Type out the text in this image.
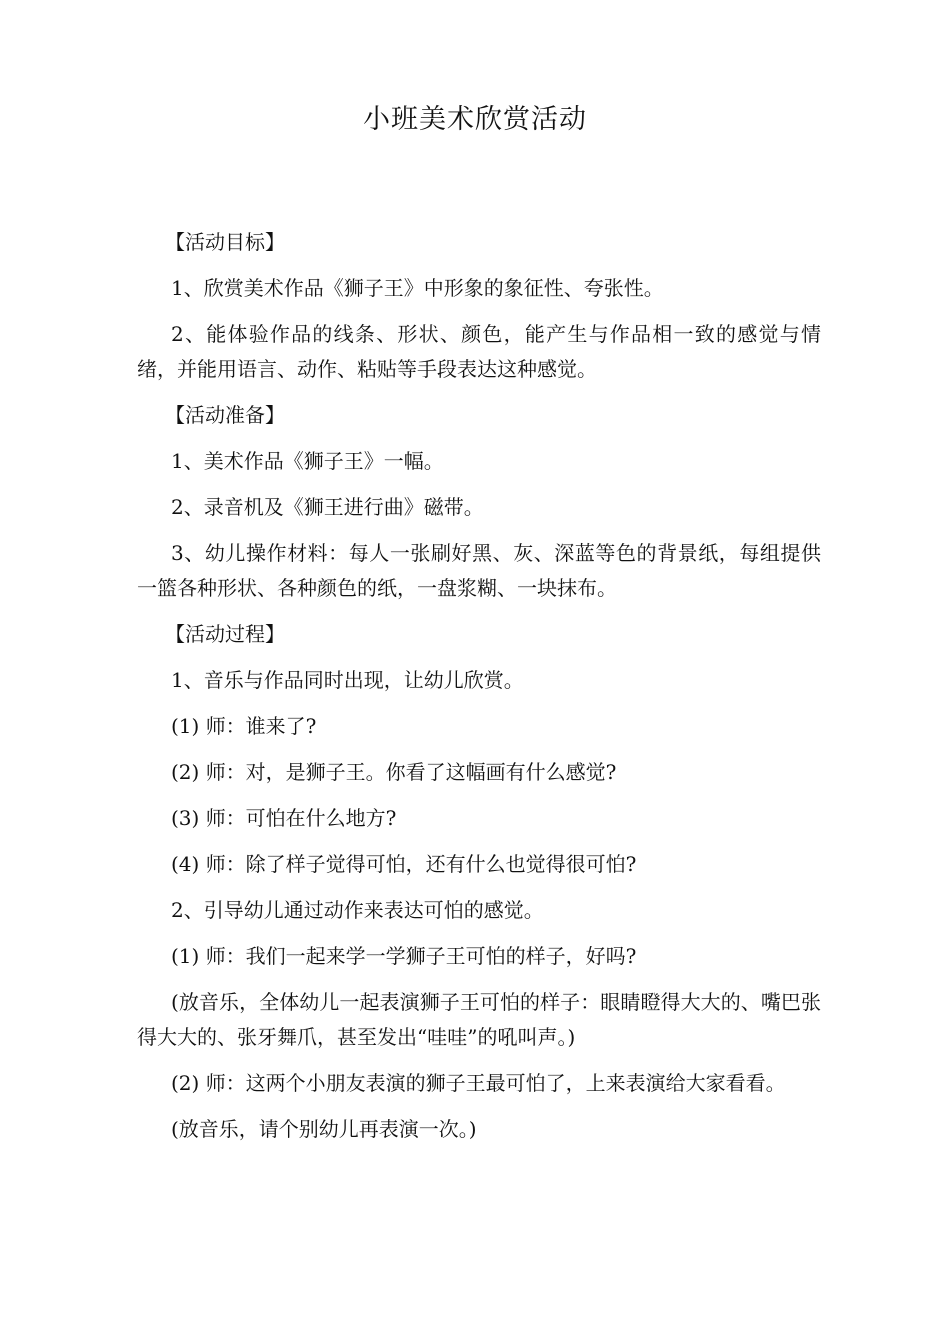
小班美术欣赏活动

【活动目标】

1、欣赏美术作品《狮子王》中形象的象征性、夸张性。

2、能体验作品的线条、形状、颜色，能产生与作品相一致的感觉与情绪，并能用语言、动作、粘贴等手段表达这种感觉。

【活动准备】

1、美术作品《狮子王》一幅。

2、录音机及《狮王进行曲》磁带。

3、幼儿操作材料：每人一张刷好黑、灰、深蓝等色的背景纸，每组提供一篮各种形状、各种颜色的纸，一盘浆糊、一块抹布。

【活动过程】

1、音乐与作品同时出现，让幼儿欣赏。

(1) 师：谁来了?

(2) 师：对，是狮子王。你看了这幅画有什么感觉?

(3) 师：可怕在什么地方?

(4) 师：除了样子觉得可怕，还有什么也觉得很可怕?

2、引导幼儿通过动作来表达可怕的感觉。

(1) 师：我们一起来学一学狮子王可怕的样子，好吗?

(放音乐，全体幼儿一起表演狮子王可怕的样子：眼睛瞪得大大的、嘴巴张得大大的、张牙舞爪，甚至发出“哇哇”的吼叫声。)

(2) 师：这两个小朋友表演的狮子王最可怕了，上来表演给大家看看。

(放音乐，请个别幼儿再表演一次。)
